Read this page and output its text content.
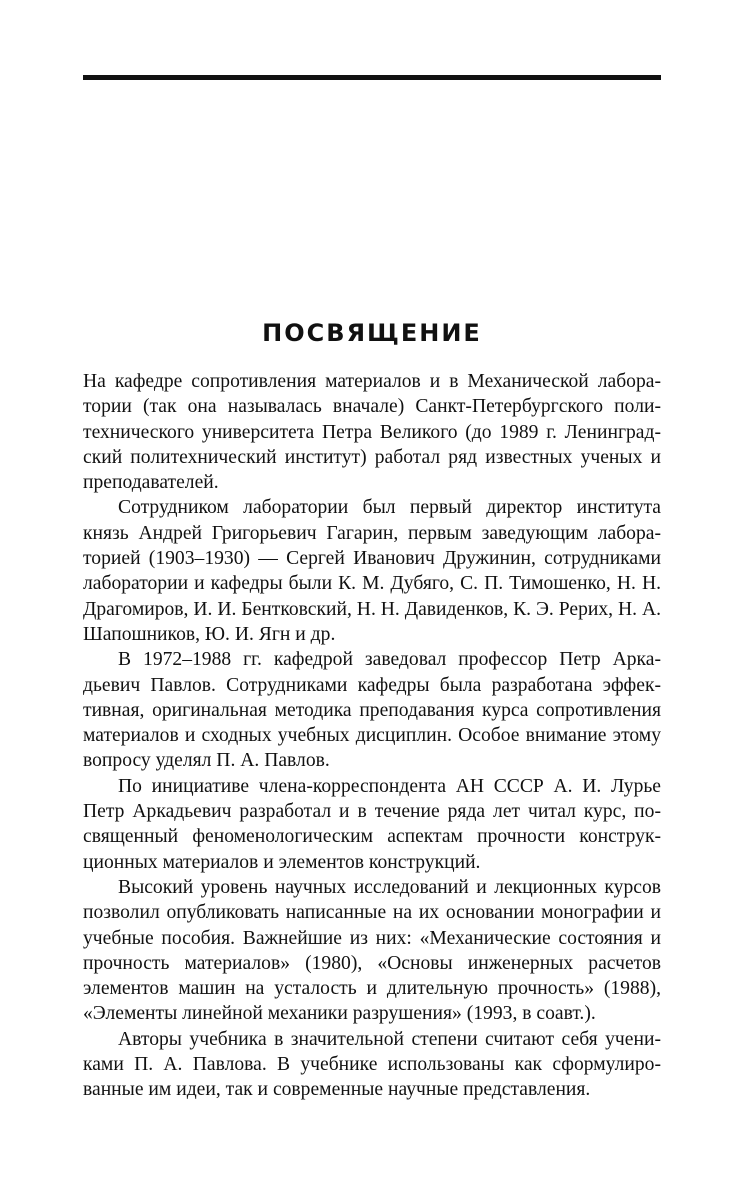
ПОСВЯЩЕНИЕ

На кафедре сопротивления материалов и в Механической лаборатории (так она называлась вначале) Санкт-Петербургского политехнического университета Петра Великого (до 1989 г. Ленинградский политехнический институт) работал ряд известных ученых и преподавателей.

Сотрудником лаборатории был первый директор института князь Андрей Григорьевич Гагарин, первым заведующим лабораторией (1903–1930) — Сергей Иванович Дружинин, сотрудниками лаборатории и кафедры были К. М. Дубяго, С. П. Тимошенко, Н. Н. Драгомиров, И. И. Бентковский, Н. Н. Давиденков, К. Э. Рерих, Н. А. Шапошников, Ю. И. Ягн и др.

В 1972–1988 гг. кафедрой заведовал профессор Петр Аркадьевич Павлов. Сотрудниками кафедры была разработана эффективная, оригинальная методика преподавания курса сопротивления материалов и сходных учебных дисциплин. Особое внимание этому вопросу уделял П. А. Павлов.

По инициативе члена-корреспондента АН СССР А. И. Лурье Петр Аркадьевич разработал и в течение ряда лет читал курс, посвященный феноменологическим аспектам прочности конструкционных материалов и элементов конструкций.

Высокий уровень научных исследований и лекционных курсов позволил опубликовать написанные на их основании монографии и учебные пособия. Важнейшие из них: «Механические состояния и прочность материалов» (1980), «Основы инженерных расчетов элементов машин на усталость и длительную прочность» (1988), «Элементы линейной механики разрушения» (1993, в соавт.).

Авторы учебника в значительной степени считают себя учениками П. А. Павлова. В учебнике использованы как сформулированные им идеи, так и современные научные представления.
